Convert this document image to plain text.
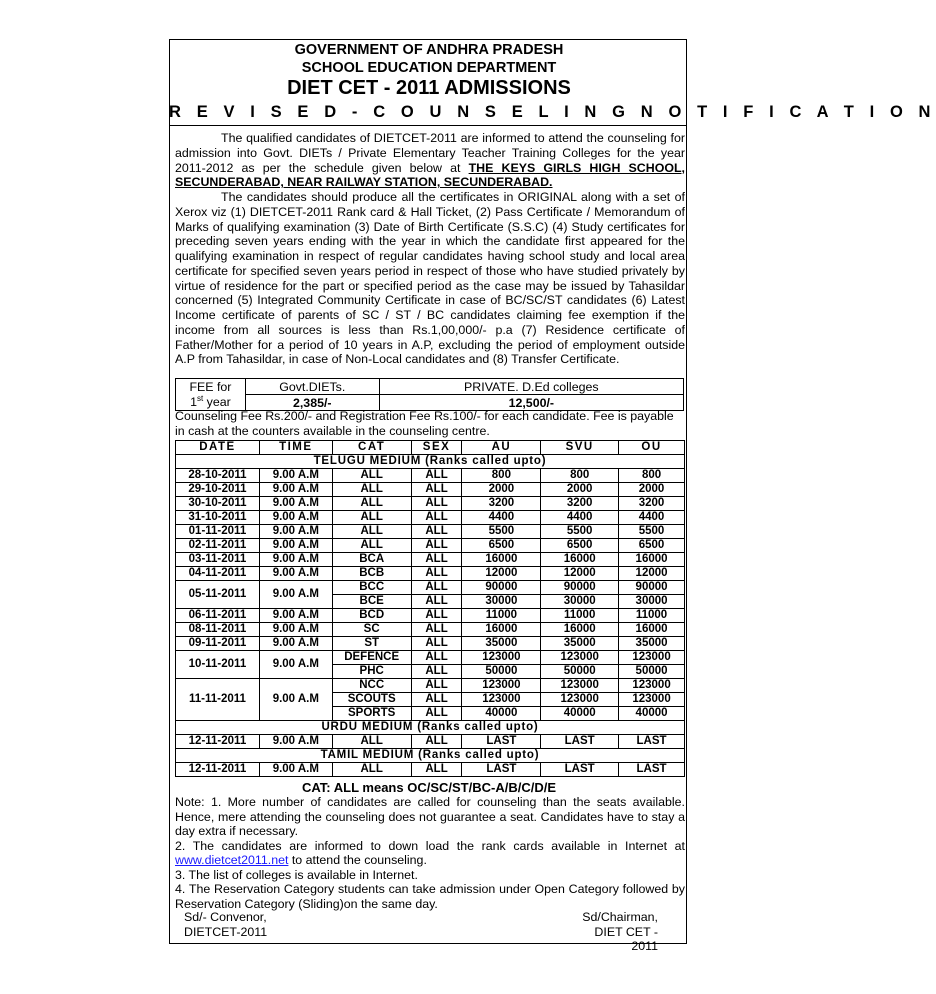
GOVERNMENT OF ANDHRA PRADESH
SCHOOL EDUCATION DEPARTMENT
DIET CET - 2011 ADMISSIONS
R E V I S E D - C O U N S E L I N G N O T I F I C A T I O N
The qualified candidates of DIETCET-2011 are informed to attend the counseling for admission into Govt. DIETs / Private Elementary Teacher Training Colleges for the year 2011-2012 as per the schedule given below at THE KEYS GIRLS HIGH SCHOOL, SECUNDERABAD, NEAR RAILWAY STATION, SECUNDERABAD.
The candidates should produce all the certificates in ORIGINAL along with a set of Xerox viz (1) DIETCET-2011 Rank card & Hall Ticket, (2) Pass Certificate / Memorandum of Marks of qualifying examination (3) Date of Birth Certificate (S.S.C) (4) Study certificates for preceding seven years ending with the year in which the candidate first appeared for the qualifying examination in respect of regular candidates having school study and local area certificate for specified seven years period in respect of those who have studied privately by virtue of residence for the part or specified period as the case may be issued by Tahasildar concerned (5) Integrated Community Certificate in case of BC/SC/ST candidates (6) Latest Income certificate of parents of SC / ST / BC candidates claiming fee exemption if the income from all sources is less than Rs.1,00,000/- p.a (7) Residence certificate of Father/Mother for a period of 10 years in A.P, excluding the period of employment outside A.P from Tahasildar, in case of Non-Local candidates and (8) Transfer Certificate.
FEE for	Govt.DIETs.	PRIVATE. D.Ed colleges
1st year	2,385/-	12,500/-
Counseling Fee Rs.200/- and Registration Fee Rs.100/- for each candidate. Fee is payable in cash at the counters available in the counseling centre.
DATE	TIME	CAT	SEX	AU	SVU	OU
TELUGU MEDIUM (Ranks called upto)						
28-10-2011	9.00 A.M	ALL	ALL	800	800	800
29-10-2011	9.00 A.M	ALL	ALL	2000	2000	2000
30-10-2011	9.00 A.M	ALL	ALL	3200	3200	3200
31-10-2011	9.00 A.M	ALL	ALL	4400	4400	4400
01-11-2011	9.00 A.M	ALL	ALL	5500	5500	5500
02-11-2011	9.00 A.M	ALL	ALL	6500	6500	6500
03-11-2011	9.00 A.M	BCA	ALL	16000	16000	16000
04-11-2011	9.00 A.M	BCB	ALL	12000	12000	12000
05-11-2011	9.00 A.M	BCC	ALL	90000	90000	90000
		BCE	ALL	30000	30000	30000
06-11-2011	9.00 A.M	BCD	ALL	11000	11000	11000
08-11-2011	9.00 A.M	SC	ALL	16000	16000	16000
09-11-2011	9.00 A.M	ST	ALL	35000	35000	35000
10-11-2011	9.00 A.M	DEFENCE	ALL	123000	123000	123000
		PHC	ALL	50000	50000	50000
11-11-2011	9.00 A.M	NCC	ALL	123000	123000	123000
		SCOUTS	ALL	123000	123000	123000
		SPORTS	ALL	40000	40000	40000
URDU MEDIUM (Ranks called upto)						
12-11-2011	9.00 A.M	ALL	ALL	LAST	LAST	LAST
TAMIL MEDIUM (Ranks called upto)						
12-11-2011	9.00 A.M	ALL	ALL	LAST	LAST	LAST
CAT: ALL means OC/SC/ST/BC-A/B/C/D/E

Note: 1. More number of candidates are called for counseling than the seats available. Hence, mere attending the counseling does not guarantee a seat. Candidates have to stay a day extra if necessary.

2. The candidates are informed to down load the rank cards available in Internet at www.dietcet2011.net to attend the counseling.

3. The list of colleges is available in Internet.

4. The Reservation Category students can take admission under Open Category followed by Reservation Category (Sliding)on the same day.

Sd/- Convenor,
DIETCET-2011
Sd/Chairman,
DIET CET - 2011
